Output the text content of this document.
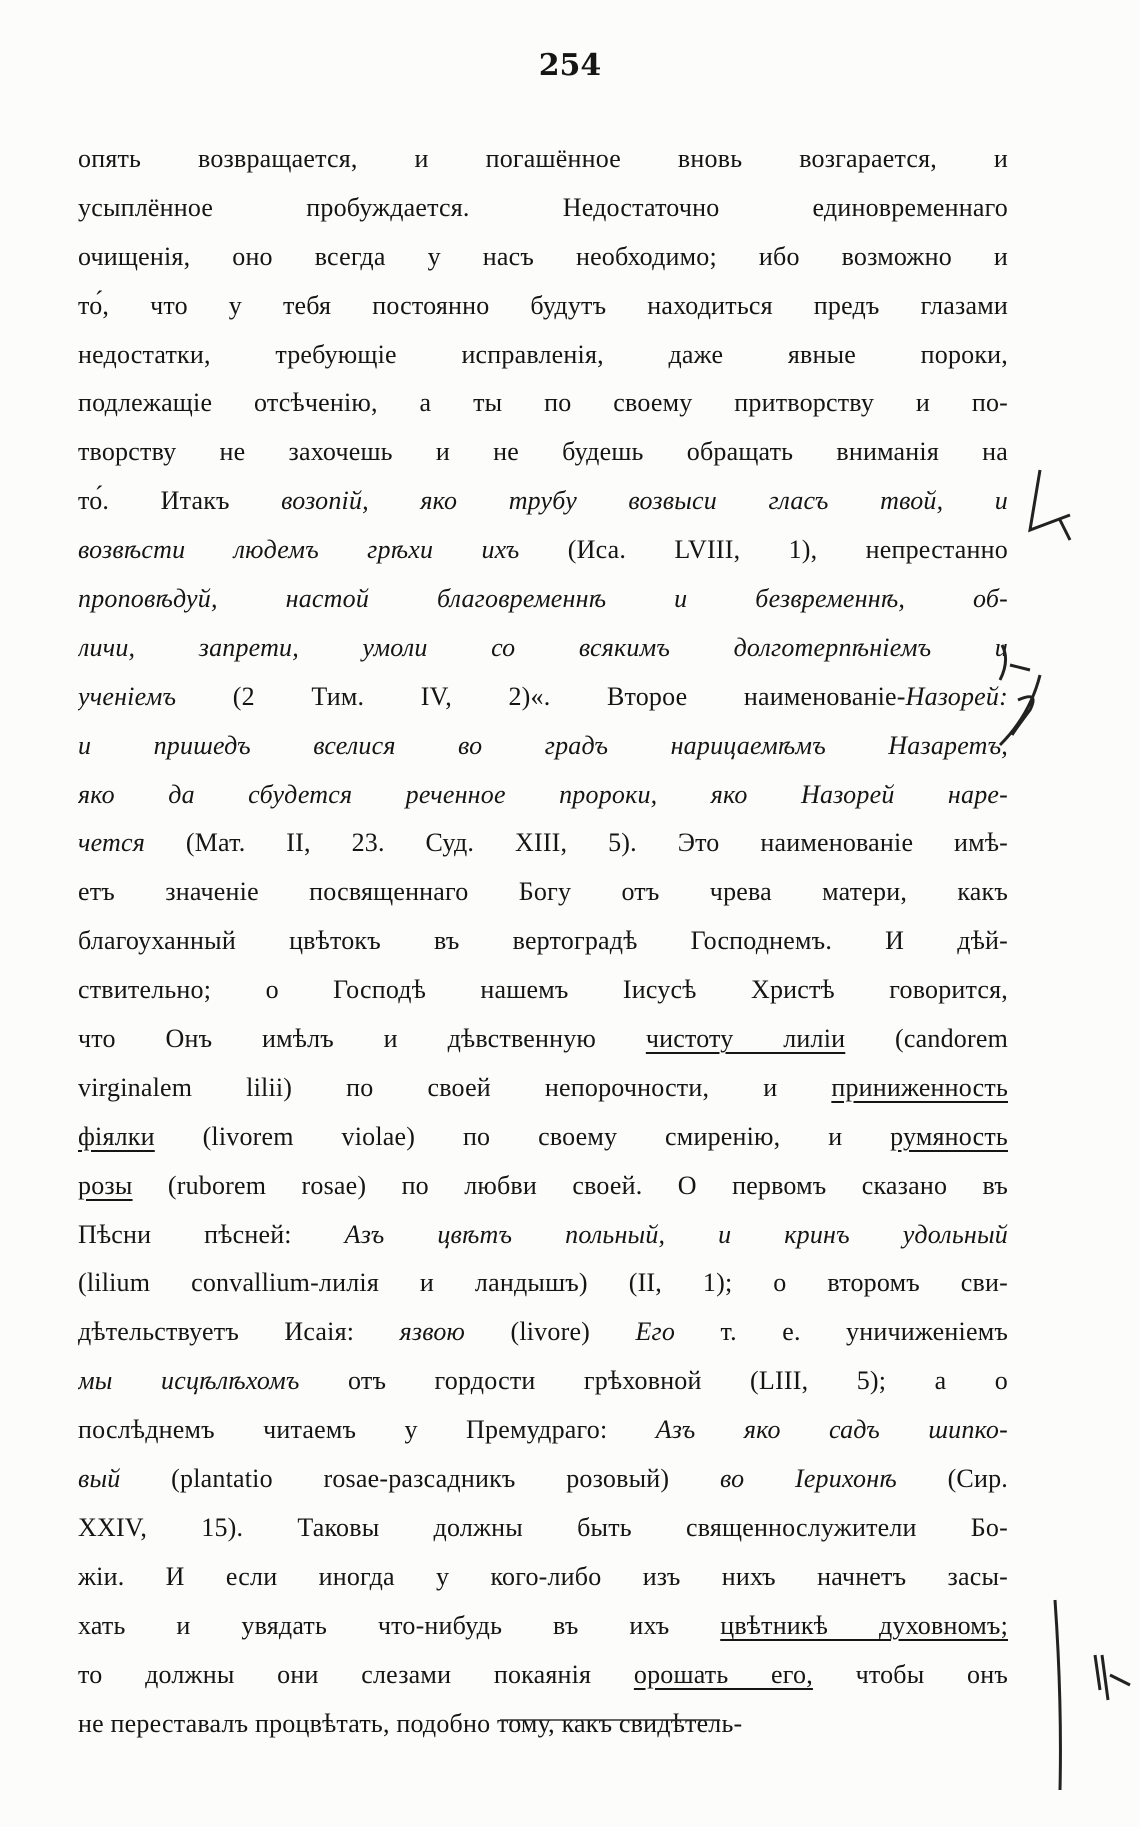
254
опять возвращается, и погашённое вновь возгарается, и
усыплённое пробуждается. Недостаточно единовременнаго
очищенія, оно всегда у насъ необходимо; ибо возможно и
то́, что у тебя постоянно будутъ находиться предъ глазами
недостатки, требующіе исправленія, даже явные пороки,
подлежащіе отсѣченію, а ты по своему притворству и по-
творству не захочешь и не будешь обращать вниманія на
то́. Итакъ возопій, яко трубу возвыси гласъ твой, и
возвѣсти людемъ грѣхи ихъ (Иса. LVIII, 1), непрестанно
проповѣдуй, настой благовременнѣ и безвременнѣ, об-
личи, запрети, умоли со всякимъ долготерпѣніемъ и
ученіемъ (2 Тим. IV, 2)«. Второе наименованіе-Назорей:
и пришедъ вселися во градъ нарицаемѣмъ Назаретъ,
яко да сбудется реченное пророки, яко Назорей наре-
чется (Мат. II, 23. Суд. XIII, 5). Это наименованіе имѣ-
етъ значеніе посвященнаго Богу отъ чрева матери, какъ
благоуханный цвѣтокъ въ вертоградѣ Господнемъ. И дѣй-
ствительно; о Господѣ нашемъ Іисусѣ Христѣ говорится,
что Онъ имѣлъ и дѣвственную чистоту лиліи (candorem
virginalem lilii) по своей непорочности, и приниженность
фіялки (livorem violae) по своему смиренію, и румяность
розы (ruborem rosae) по любви своей. О первомъ сказано въ
Пѣсни пѣсней: Азъ цвѣтъ польный, и кринъ удольный
(lilium convallium-лилія и ландышъ) (II, 1); о второмъ сви-
дѣтельствуетъ Исаія: язвою (livore) Его т. е. уничиженіемъ
мы исцѣлѣхомъ отъ гордости грѣховной (LIII, 5); а о
послѣднемъ читаемъ у Премудраго: Азъ яко садъ шипко-
вый (plantatio rosae-разсадникъ розовый) во Іерихонѣ (Сир.
XXIV, 15). Таковы должны быть священнослужители Бо-
жіи. И если иногда у кого-либо изъ нихъ начнетъ засы-
хать и увядать что-нибудь въ ихъ цвѣтникѣ духовномъ;
то должны они слезами покаянія орошать его, чтобы онъ
не переставалъ процвѣтать, подобно тому, какъ свидѣтель-
